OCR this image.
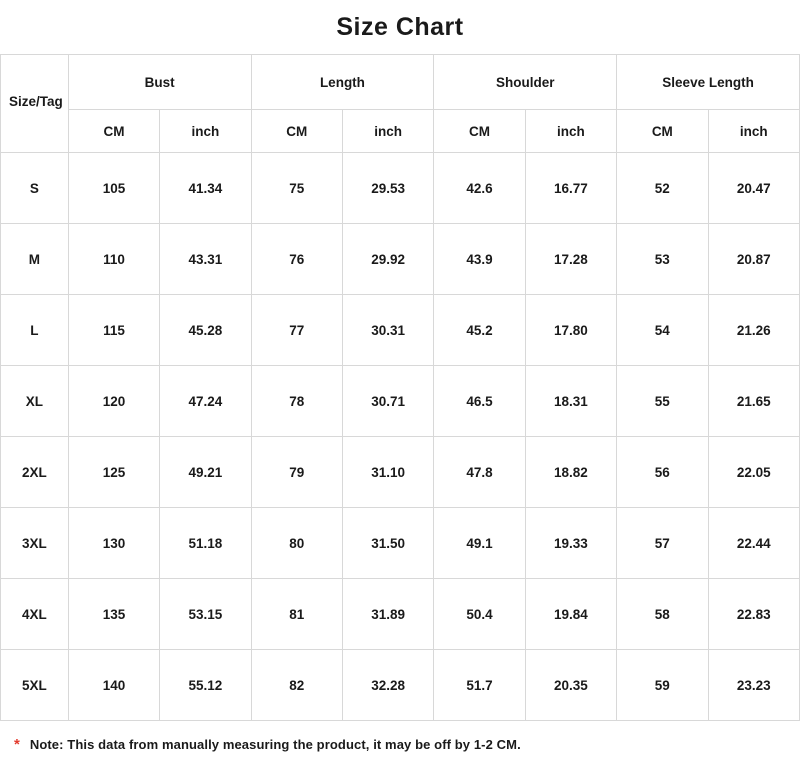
Size Chart
Size/Tag	Bust		Length		Shoulder		Sleeve Length	
	CM	inch	CM	inch	CM	inch	CM	inch
S	105	41.34	75	29.53	42.6	16.77	52	20.47
M	110	43.31	76	29.92	43.9	17.28	53	20.87
L	115	45.28	77	30.31	45.2	17.80	54	21.26
XL	120	47.24	78	30.71	46.5	18.31	55	21.65
2XL	125	49.21	79	31.10	47.8	18.82	56	22.05
3XL	130	51.18	80	31.50	49.1	19.33	57	22.44
4XL	135	53.15	81	31.89	50.4	19.84	58	22.83
5XL	140	55.12	82	32.28	51.7	20.35	59	23.23
* Note: This data from manually measuring the product, it may be off by 1-2 CM.
